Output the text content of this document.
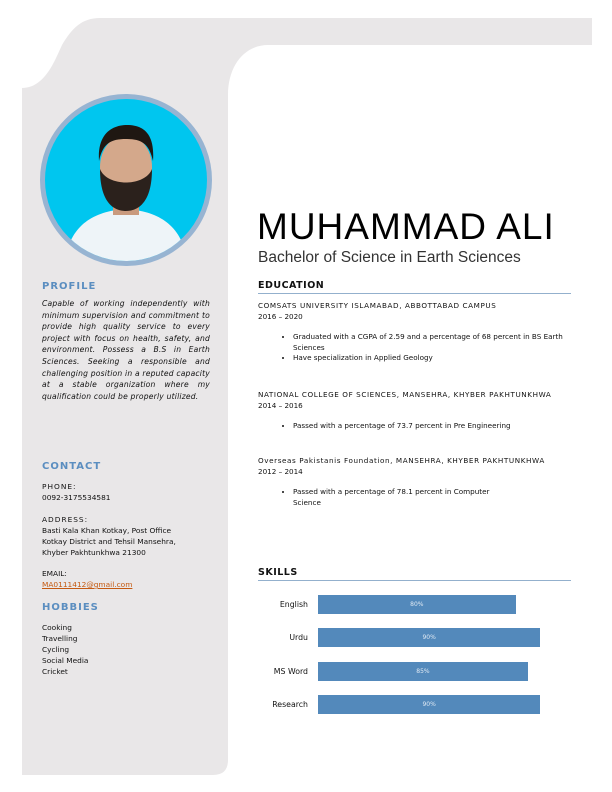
PROFILE
Capable of working independently with minimum supervision and commitment to provide high quality service to every project with focus on health, safety, and environment. Possess a B.S in Earth Sciences. Seeking a responsible and challenging position in a reputed capacity at a stable organization where my qualification could be properly utilized.
CONTACT
PHONE:
0092-3175534581
ADDRESS:
Basti Kala Khan Kotkay, Post Office
Kotkay District and Tehsil Mansehra,
Khyber Pakhtunkhwa 21300
EMAIL:
MA0111412@gmail.com
HOBBIES
Cooking
Travelling
Cycling
Social Media
Cricket
MUHAMMAD ALI
Bachelor of Science in Earth Sciences
EDUCATION
COMSATS UNIVERSITY ISLAMABAD, ABBOTTABAD CAMPUS
2016 – 2020
• Graduated with a CGPA of 2.59 and a percentage of 68 percent in BS Earth Sciences
• Have specialization in Applied Geology
NATIONAL COLLEGE OF SCIENCES, MANSEHRA, KHYBER PAKHTUNKHWA
2014 – 2016
• Passed with a percentage of 73.7 percent in Pre Engineering
Overseas Pakistanis Foundation, MANSEHRA, KHYBER PAKHTUNKHWA
2012 – 2014
• Passed with a percentage of 78.1 percent in Computer Science
SKILLS
English	80%
Urdu	90%
MS Word	85%
Research	90%
